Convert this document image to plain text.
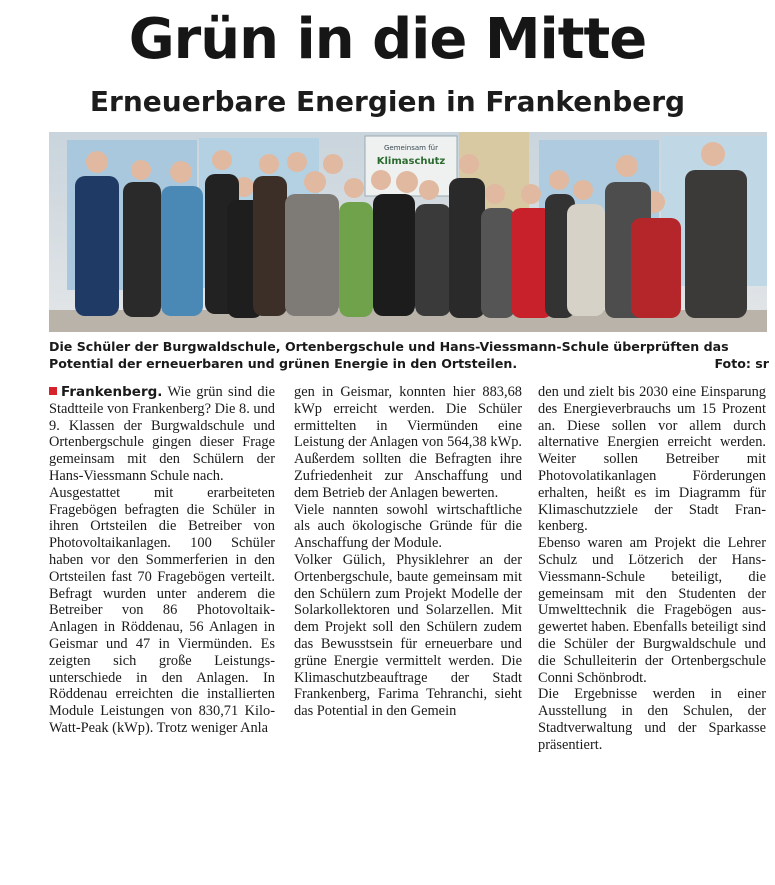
Grün in die Mitte
Erneuerbare Energien in Frankenberg
Gemeinsam für
Klimaschutz
Die Schüler der Burgwaldschule, Ortenbergschule und Hans-Viessmann-Schule überprüften das Potential der erneuerbaren und grünen Energie in den Ortsteilen.	Foto: sr

Frankenberg. Wie grün sind die Stadtteile von Frankenberg? Die 8. und 9. Klassen der Burgwaldschule und Ortenbergschule gingen dieser Frage gemeinsam mit den Schülern der Hans-Viessmann Schule nach.

Ausgestattet mit erarbeiteten Fragebögen befragten die Schüler in ihren Ortsteilen die Betreiber von Photovoltaikanlagen. 100 Schüler haben vor den Sommerferien in den Ortsteilen fast 70 Fragebögen verteilt. Befragt wurden unter anderem die Betreiber von 86 Photovoltaik-Anlagen in Röddenau, 56 Anlagen in Geismar und 47 in Viermünden. Es zeigten sich große Leistungsunterschiede in den Anlagen. In Röddenau erreichten die installierten Module Leistungen von 830,71 Kilo-Watt-Peak (kWp). Trotz weniger Anla

gen in Geismar, konnten hier 883,68 kWp erreicht werden. Die Schüler ermittelten in Viermünden eine Leistung der Anlagen von 564,38 kWp. Außerdem sollten die Befragten ihre Zufriedenheit zur Anschaffung und dem Betrieb der Anlagen bewerten.

Viele nannten sowohl wirtschaftliche als auch ökologische Gründe für die Anschaffung der Module.

Volker Gülich, Physiklehrer an der Ortenbergschule, baute gemeinsam mit den Schülern zum Projekt Modelle der Solarkollektoren und Solarzellen. Mit dem Projekt soll den Schülern zudem das Bewusstsein für erneuerbare und grüne Energie vermittelt werden. Die Klimaschutzbeauftrage der Stadt Frankenberg, Farima Tehranchi, sieht das Potential in den Gemein

den und zielt bis 2030 eine Einsparung des Energieverbrauchs um 15 Prozent an. Diese sollen vor allem durch alternative Energien erreicht werden. Weiter sollen Betreiber mit Photovolatikanlagen Förderungen erhalten, heißt es im Diagramm für Klimaschutzziele der Stadt Frankenberg.

Ebenso waren am Projekt die Lehrer Schulz und Lötzerich der Hans-Viessmann-Schule beteiligt, die gemeinsam mit den Studenten der Umwelttechnik die Fragebögen ausgewertet haben. Ebenfalls beteiligt sind die Schüler der Burgwaldschule und die Schulleiterin der Ortenbergschule Conni Schönbrodt.

Die Ergebnisse werden in einer Ausstellung in den Schulen, der Stadtverwaltung und der Sparkasse präsentiert.
